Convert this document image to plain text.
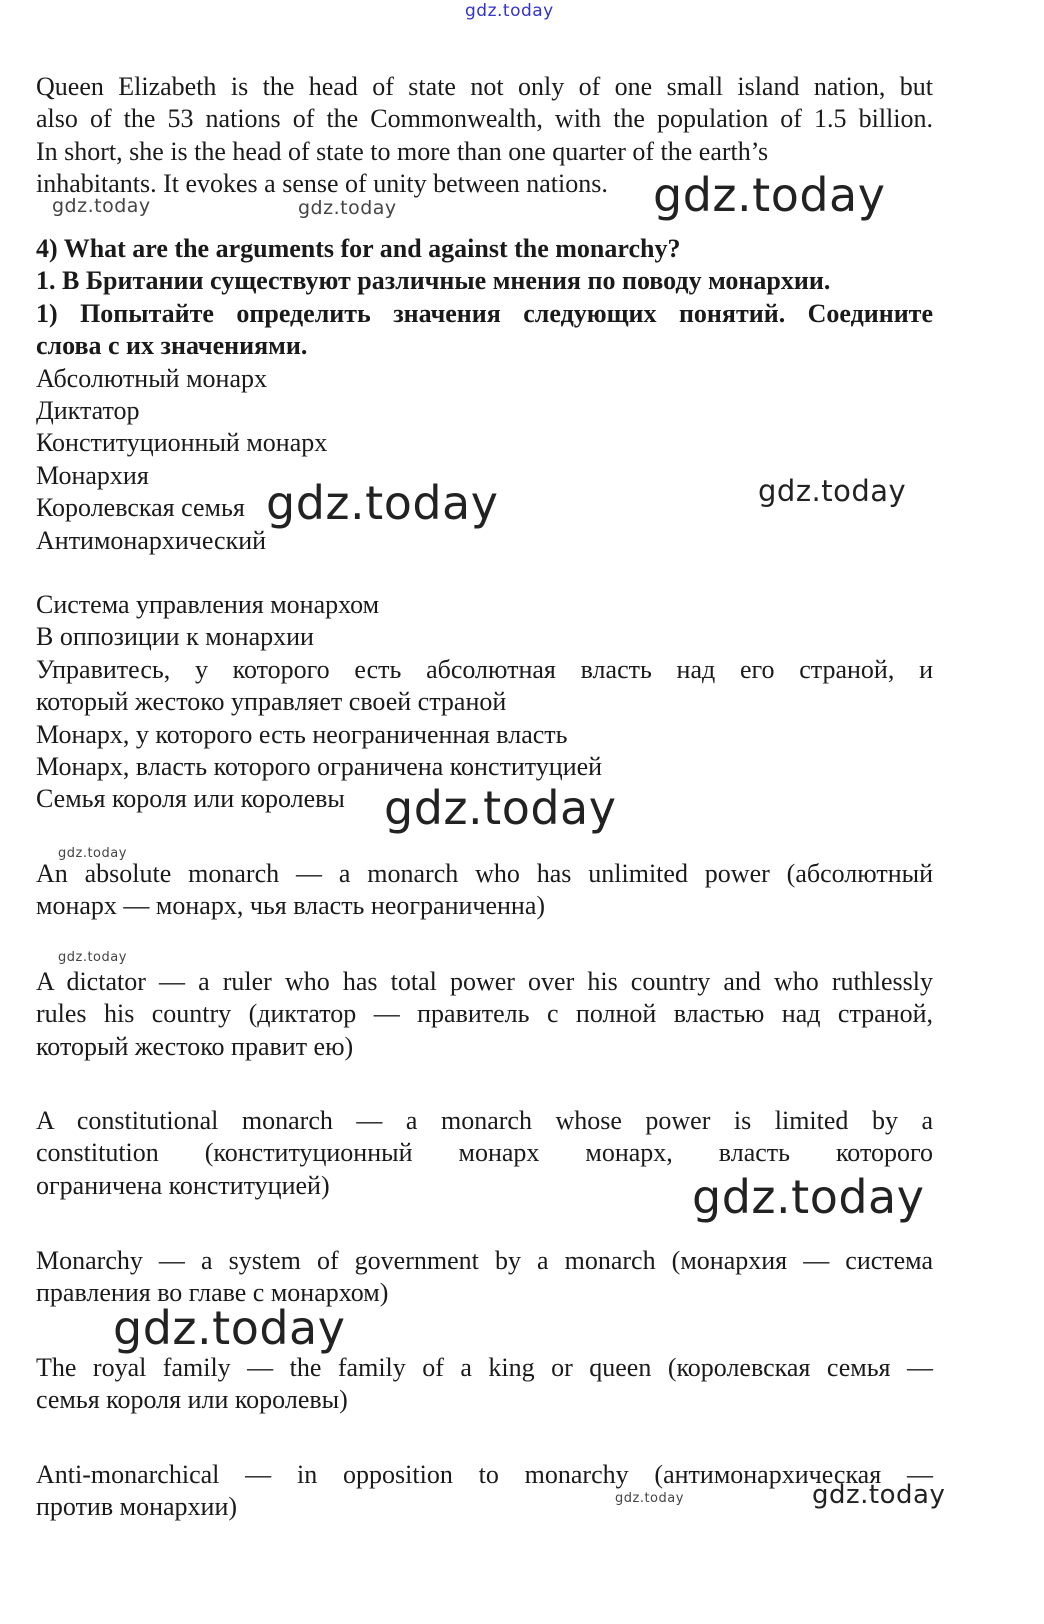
gdz.today
Queen Elizabeth is the head of state not only of one small island nation, but
also of the 53 nations of the Commonwealth, with the population of 1.5 billion.
In short, she is the head of state to more than one quarter of the earth’s
inhabitants. It evokes a sense of unity between nations.
4) What are the arguments for and against the monarchy?
1. В Британии существуют различные мнения по поводу монархии.
1) Попытайте определить значения следующих понятий. Соедините
слова с их значениями.
Абсолютный монарх
Диктатор
Конституционный монарх
Монархия
Королевская семья
Антимонархический
Система управления монархом
В оппозиции к монархии
Управитесь, у которого есть абсолютная власть над его страной, и
который жестоко управляет своей страной
Монарх, у которого есть неограниченная власть
Монарх, власть которого ограничена конституцией
Семья короля или королевы
An absolute monarch — a monarch who has unlimited power (абсолютный
монарх — монарх, чья власть неограниченна)
A dictator — a ruler who has total power over his country and who ruthlessly
rules his country (диктатор — правитель с полной властью над страной,
который жестоко правит ею)
A constitutional monarch — a monarch whose power is limited by a
constitution (конституционный монарх монарх, власть которого
ограничена конституцией)
Monarchy — a system of government by a monarch (монархия — система
правления во главе с монархом)
The royal family — the family of a king or queen (королевская семья —
семья короля или королевы)
Anti-monarchical — in opposition to monarchy (антимонархическая —
против монархии)
gdz.today
gdz.today	gdz.today
gdz.today	gdz.today
gdz.today
gdz.today
gdz.today
gdz.today
gdz.today
gdz.today	gdz.today
